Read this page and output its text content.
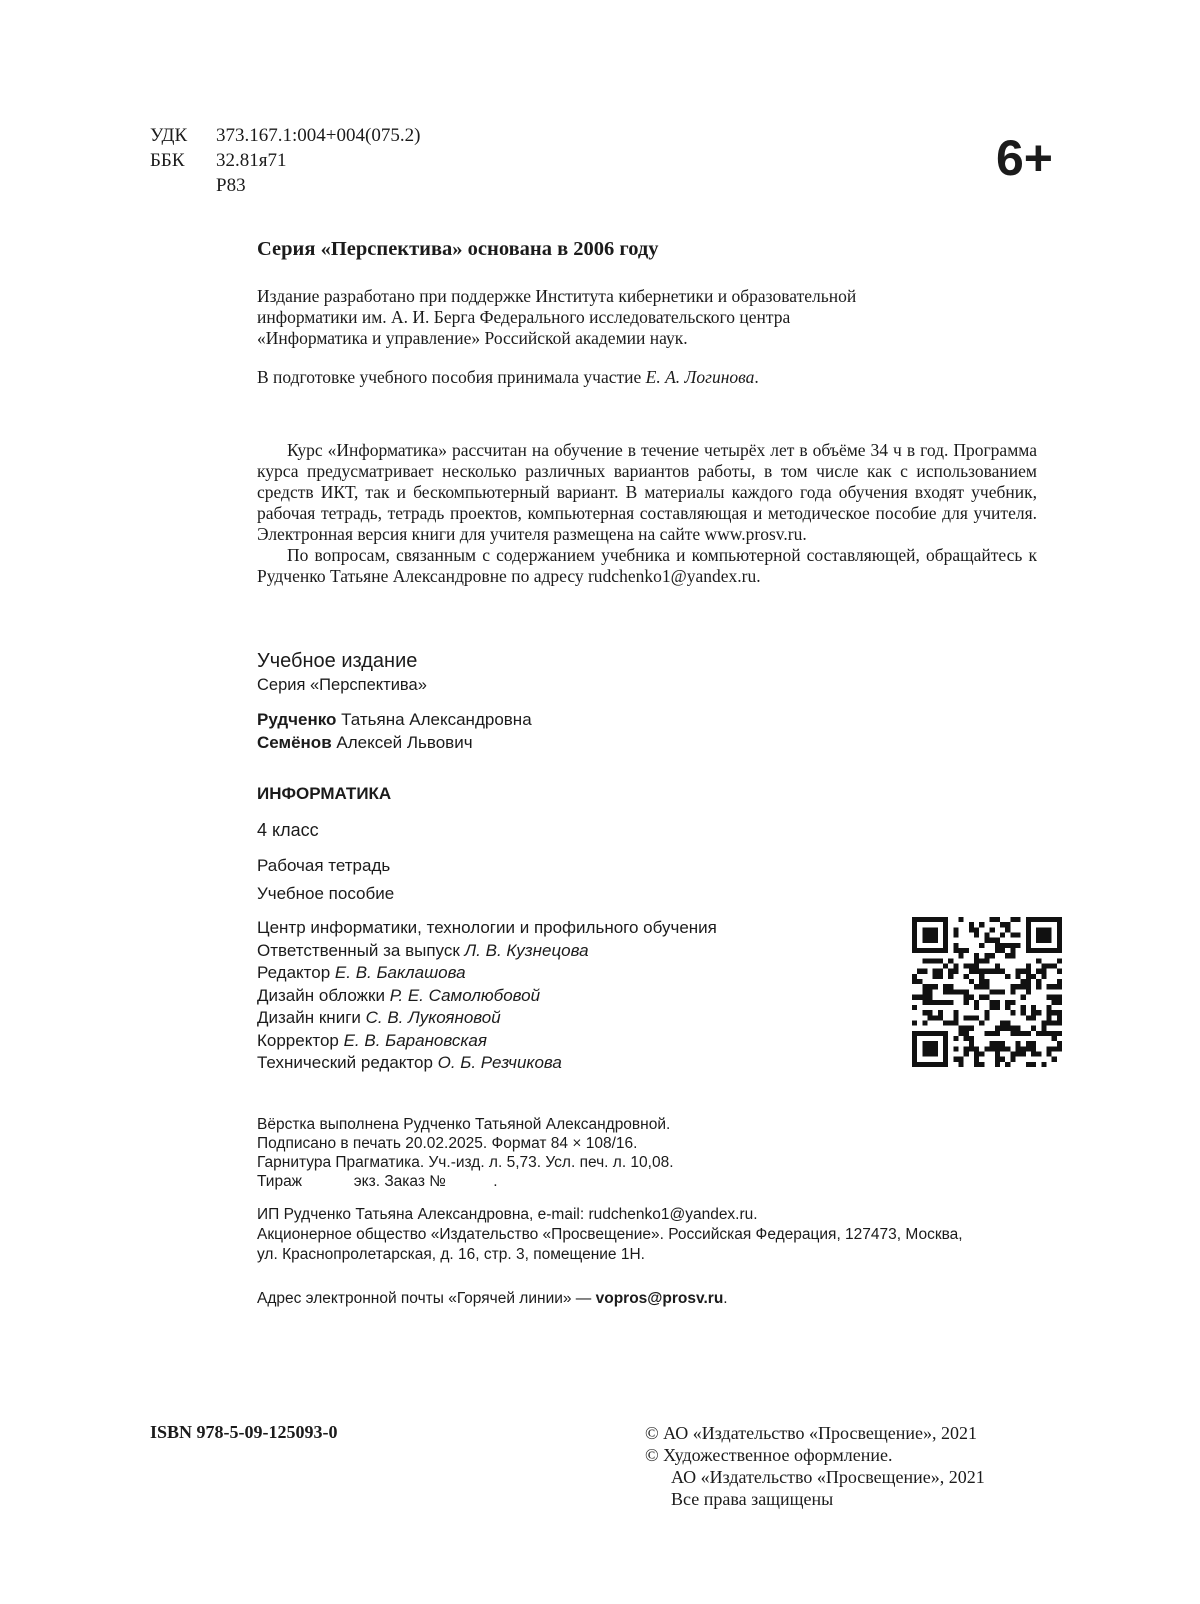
УДК 373.167.1:004+004(075.2)
ББК 32.81я71
Р83	6+
Серия «Перспектива» основана в 2006 году

Издание разработано при поддержке Института кибернетики и образовательной

информатики им. А. И. Берга Федерального исследовательского центра

«Информатика и управление» Российской академии наук.

В подготовке учебного пособия принимала участие Е. А. Логинова.

Курс «Информатика» рассчитан на обучение в течение четырёх лет в объёме 34 ч в год. Программа курса предусматривает несколько различных вариантов работы, в том числе как с использованием средств ИКТ, так и бескомпьютерный вариант. В материалы каждого года обучения входят учебник, рабочая тетрадь, тетрадь проектов, компьютерная составляющая и методическое пособие для учителя. Электронная версия книги для учителя размещена на сайте www.prosv.ru.

По вопросам, связанным с содержанием учебника и компьютерной составляющей, обращайтесь к Рудченко Татьяне Александровне по адресу rudchenko1@yandex.ru.

Учебное издание
Серия «Перспектива»
Рудченко Татьяна Александровна
Семёнов Алексей Львович
ИНФОРМАТИКА
4 класс
Рабочая тетрадь
Учебное пособие
Центр информатики, технологии и профильного обучения
Ответственный за выпуск Л. В. Кузнецова
Редактор Е. В. Баклашова
Дизайн обложки Р. Е. Самолюбовой
Дизайн книги С. В. Лукояновой
Корректор Е. В. Барановская
Технический редактор О. Б. Резчикова
Вёрстка выполнена Рудченко Татьяной Александровной.
Подписано в печать 20.02.2025. Формат 84 × 108/16.
Гарнитура Прагматика. Уч.-изд. л. 5,73. Усл. печ. л. 10,08.
Тираж            экз. Заказ №           .
ИП Рудченко Татьяна Александровна, e-mail: rudchenko1@yandex.ru.
Акционерное общество «Издательство «Просвещение». Российская Федерация, 127473, Москва,
ул. Краснопролетарская, д. 16, стр. 3, помещение 1Н.
Адрес электронной почты «Горячей линии» — vopros@prosv.ru.
ISBN 978-5-09-125093-0	© АО «Издательство «Просвещение», 2021
© Художественное оформление.
АО «Издательство «Просвещение», 2021
Все права защищены
